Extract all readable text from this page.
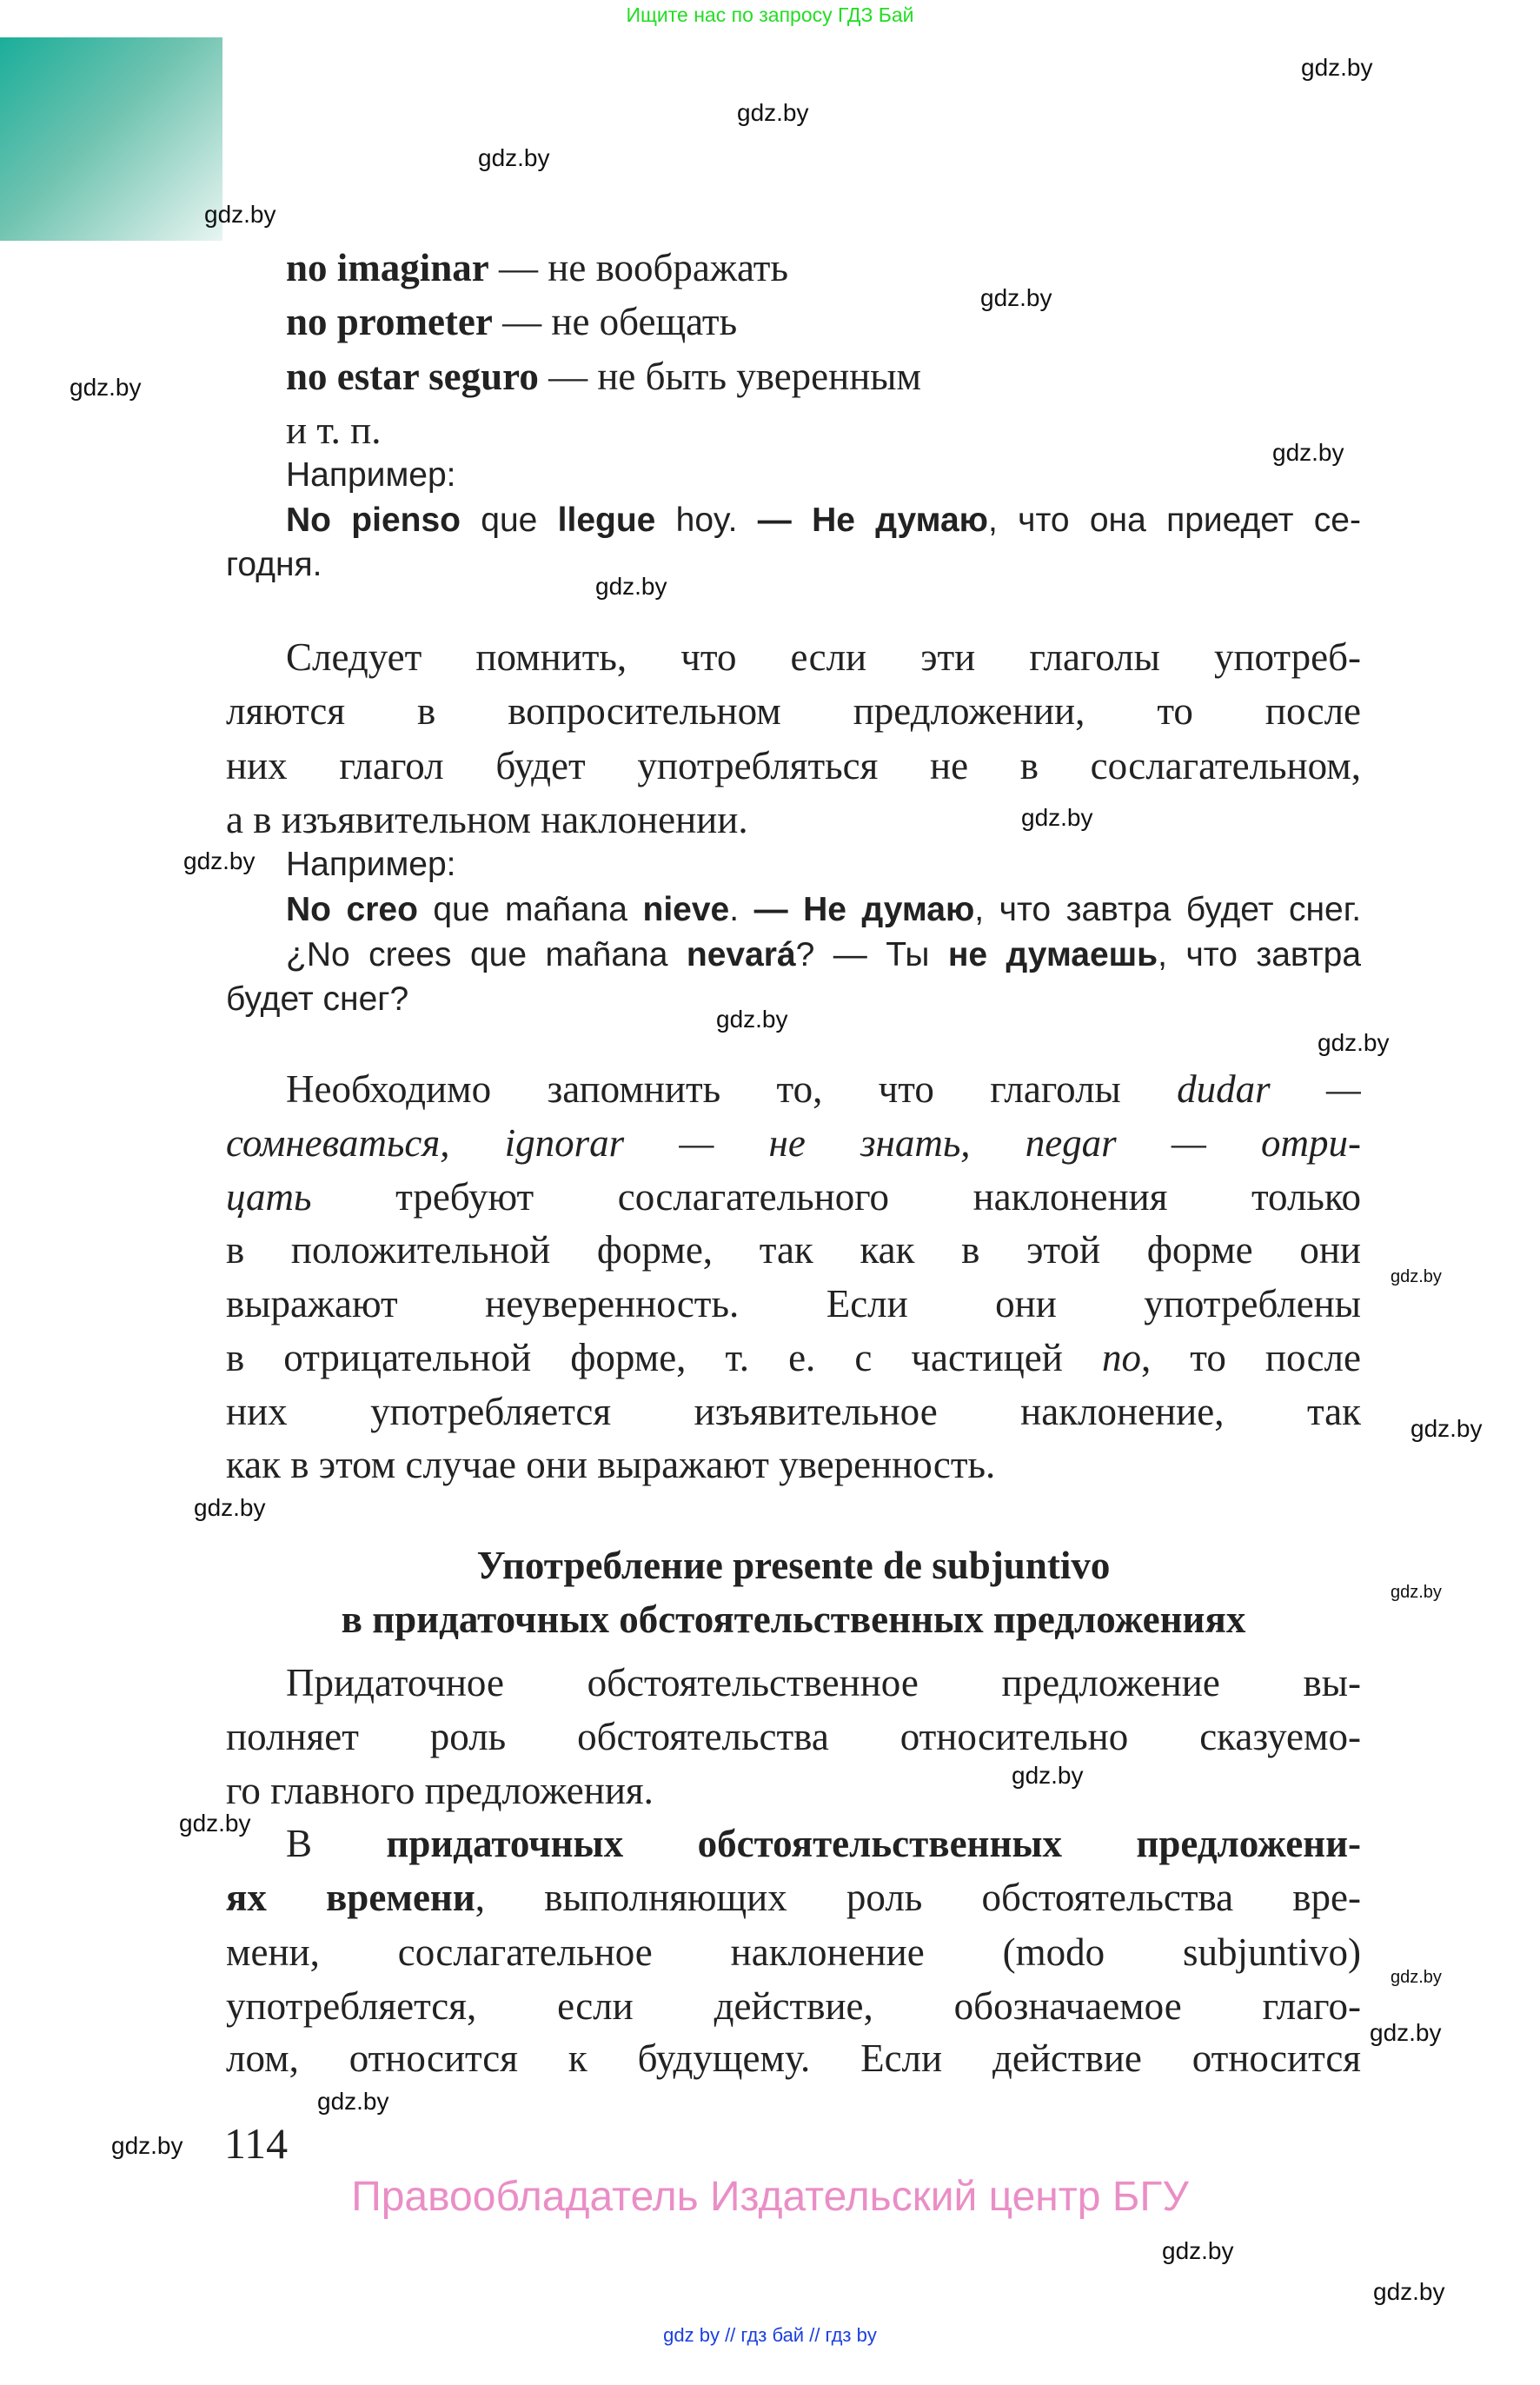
Ищите нас по запросу ГДЗ Бай
no imaginar — не воображать
no prometer — не обещать
no estar seguro — не быть уверенным
и т. п.
Например:
No pienso que llegue hoy. — Не думаю, что она приедет се-
годня.
Следует помнить, что если эти глаголы употреб-
ляются в вопросительном предложении, то после
них глагол будет употребляться не в сослагательном,
а в изъявительном наклонении.
Например:
No creo que mañana nieve. — Не думаю, что завтра будет снег.
¿No crees que mañana nevará? — Ты не думаешь, что завтра
будет снег?
Необходимо запомнить то, что глаголы dudar —
сомневаться, ignorar — не знать, negar — отри-
цать требуют сослагательного наклонения только
в положительной форме, так как в этой форме они
выражают неуверенность. Если они употреблены
в отрицательной форме, т. е. с частицей no, то после
них употребляется изъявительное наклонение, так
как в этом случае они выражают уверенность.
Употребление presente de subjuntivo
в придаточных обстоятельственных предложениях
Придаточное обстоятельственное предложение вы-
полняет роль обстоятельства относительно сказуемо-
го главного предложения.
В придаточных обстоятельственных предложени-
ях времени, выполняющих роль обстоятельства вре-
мени, сослагательное наклонение (modo subjuntivo)
употребляется, если действие, обозначаемое глаго-
лом, относится к будущему. Если действие относится
gdz.by
gdz.by
gdz.by
gdz.by
gdz.by
gdz.by
gdz.by
gdz.by
gdz.by
gdz.by
gdz.by
gdz.by
gdz.by
gdz.by
gdz.by
gdz.by
gdz.by
gdz.by
gdz.by
gdz.by
gdz.by
gdz.by
gdz.by
gdz.by
114
Правообладатель Издательский центр БГУ
gdz by // гдз бай // гдз by
